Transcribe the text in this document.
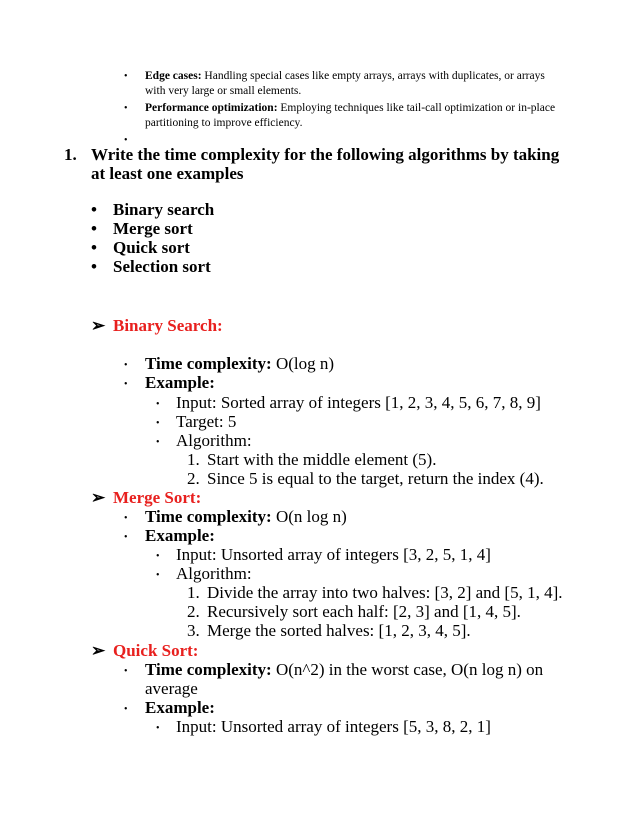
• Edge cases: Handling special cases like empty arrays, arrays with duplicates, or arrays
with very large or small elements.
• Performance optimization: Employing techniques like tail-call optimization or in-place
partitioning to improve efficiency.
•
1. Write the time complexity for the following algorithms by taking
at least one examples
• Binary search
• Merge sort
• Quick sort
• Selection sort
➢ Binary Search:
• Time complexity: O(log n)
• Example:
• Input: Sorted array of integers [1, 2, 3, 4, 5, 6, 7, 8, 9]
• Target: 5
• Algorithm:
1. Start with the middle element (5).
2. Since 5 is equal to the target, return the index (4).
➢ Merge Sort:
• Time complexity: O(n log n)
• Example:
• Input: Unsorted array of integers [3, 2, 5, 1, 4]
• Algorithm:
1. Divide the array into two halves: [3, 2] and [5, 1, 4].
2. Recursively sort each half: [2, 3] and [1, 4, 5].
3. Merge the sorted halves: [1, 2, 3, 4, 5].
➢ Quick Sort:
• Time complexity: O(n^2) in the worst case, O(n log n) on
average
• Example:
• Input: Unsorted array of integers [5, 3, 8, 2, 1]
